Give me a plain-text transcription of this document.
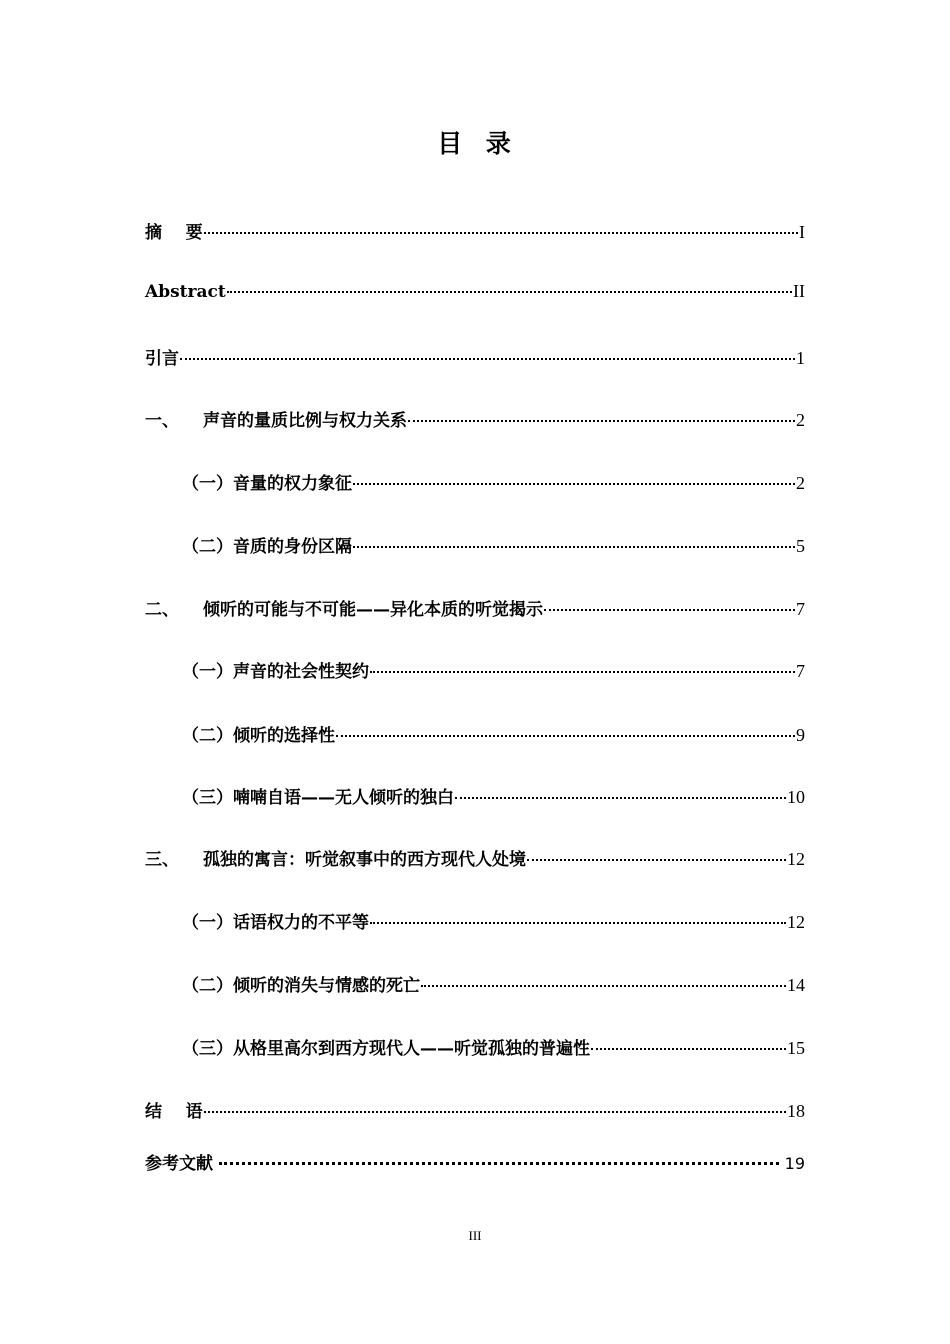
目  录
摘    要	I
Abstract	II
引言	1
一、 声音的量质比例与权力关系	2
（一）音量的权力象征	2
（二）音质的身份区隔	5
二、 倾听的可能与不可能——异化本质的听觉揭示	7
（一）声音的社会性契约	7
（二）倾听的选择性	9
（三）喃喃自语——无人倾听的独白	10
三、 孤独的寓言：听觉叙事中的西方现代人处境	12
（一）话语权力的不平等	12
（二）倾听的消失与情感的死亡	14
（三）从格里高尔到西方现代人——听觉孤独的普遍性	15
结    语	18
参考文献	19
III
